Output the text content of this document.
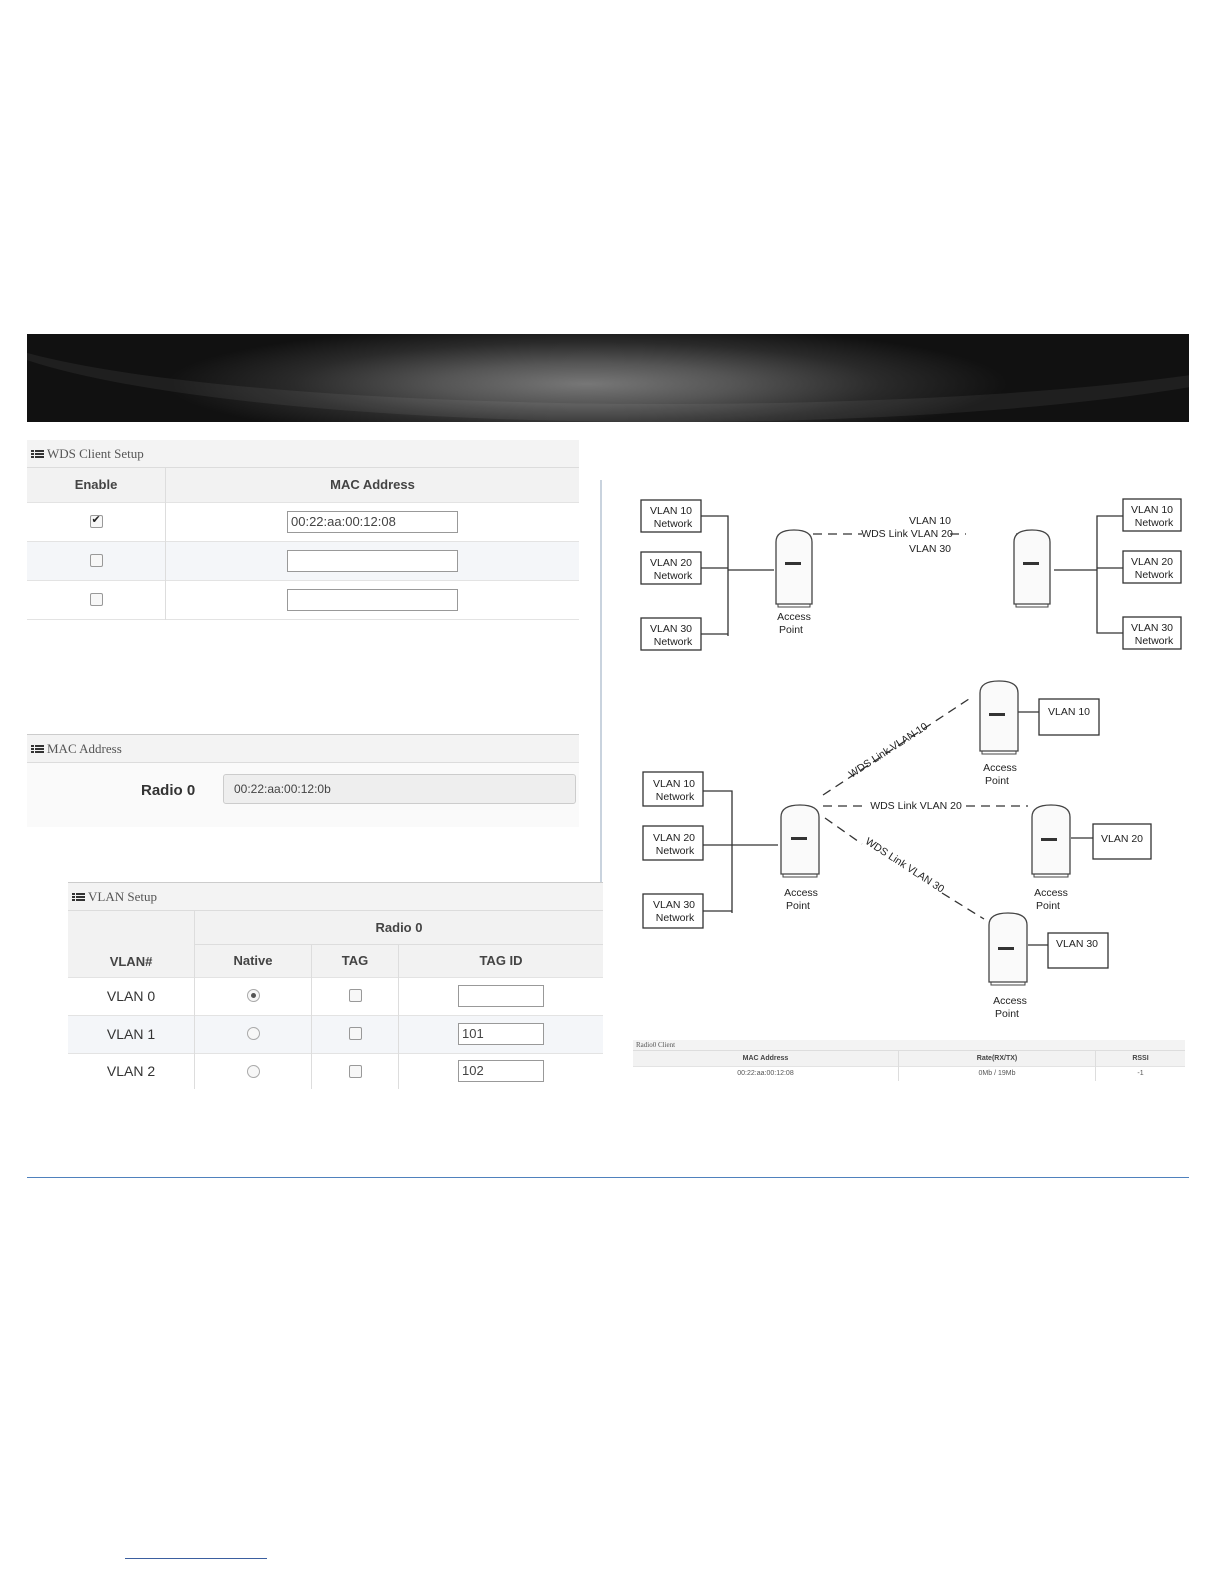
WDS Client Setup
Enable	MAC Address
✔	00:22:aa:00:12:08

MAC Address
Radio 0	00:22:aa:00:12:0b
VLAN Setup
VLAN#	Radio 0		
	Native	TAG	TAG ID
VLAN 0			
VLAN 1			101
VLAN 2			102
VLAN 10
Network
VLAN 20
Network
VLAN 30
Network
VLAN 10
Network
VLAN 20
Network
VLAN 30
Network
VLAN 10
WDS Link VLAN 20
VLAN 30
Access
Point
VLAN 10
Network
VLAN 20
Network
VLAN 30
Network
VLAN 10
VLAN 20
VLAN 30
WDS Link VLAN 20
WDS Link VLAN 10
WDS Link VLAN 30
Access
Point
Access
Point
Access
Point
Access
Point
Radio0 Client
MAC Address	Rate(RX/TX)	RSSI
00:22:aa:00:12:08	0Mb / 19Mb	-1
